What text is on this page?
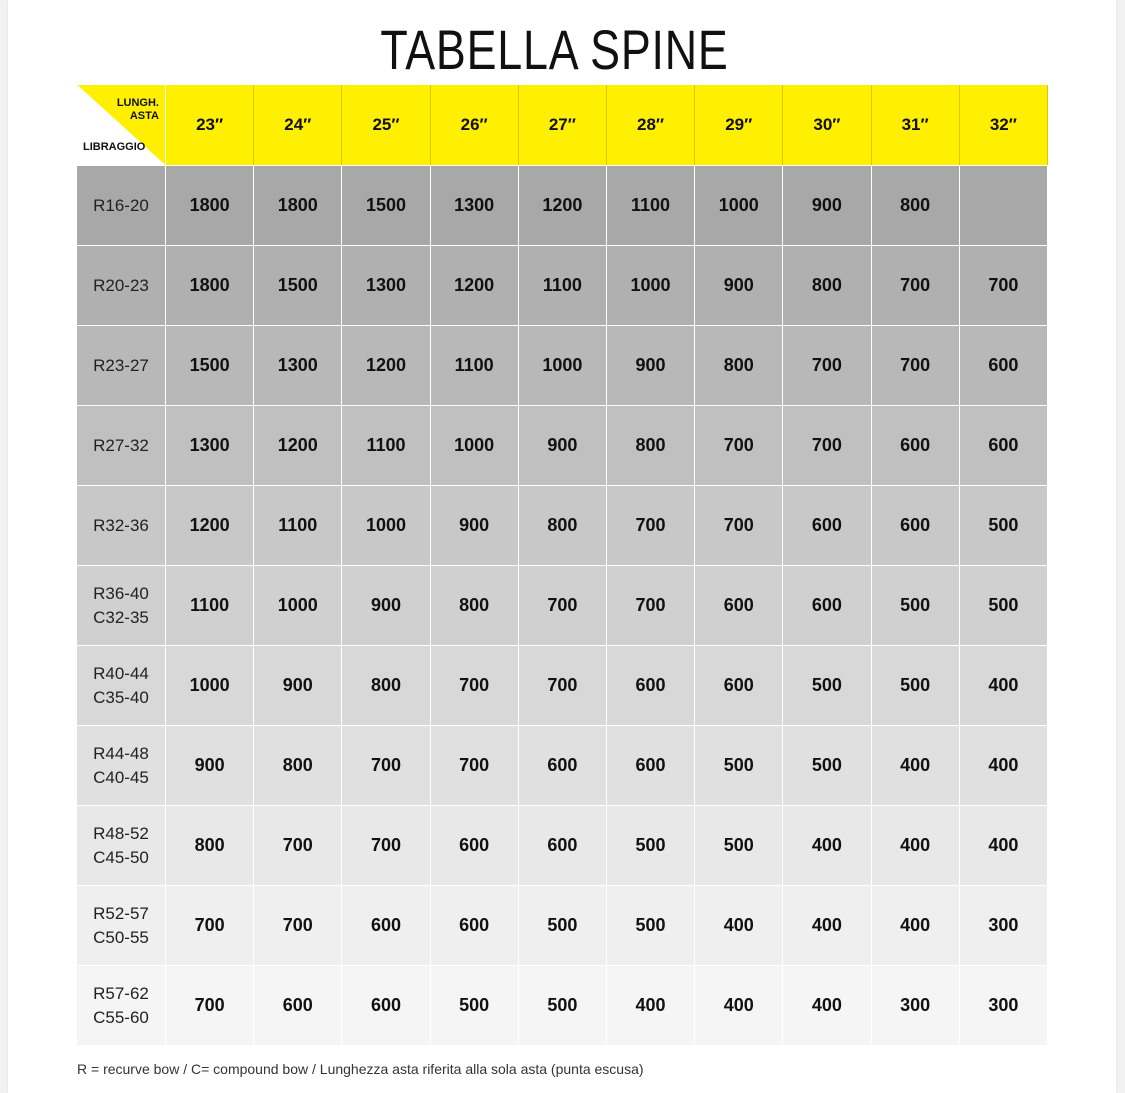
TABELLA SPINE
LUNGH.
ASTA
LIBRAGGIO	23″	24″	25″	26″	27″	28″	29″	30″	31″	32″

R16-20	1800	1800	1500	1300	1200	1100	1000	900	800	

R20-23	1800	1500	1300	1200	1100	1000	900	800	700	700

R23-27	1500	1300	1200	1100	1000	900	800	700	700	600

R27-32	1300	1200	1100	1000	900	800	700	700	600	600

R32-36	1200	1100	1000	900	800	700	700	600	600	500

R36-40
C32-35	1100	1000	900	800	700	700	600	600	500	500

R40-44
C35-40	1000	900	800	700	700	600	600	500	500	400

R44-48
C40-45	900	800	700	700	600	600	500	500	400	400

R48-52
C45-50	800	700	700	600	600	500	500	400	400	400

R52-57
C50-55	700	700	600	600	500	500	400	400	400	300

R57-62
C55-60	700	600	600	500	500	400	400	400	300	300
R = recurve bow / C= compound bow / Lunghezza asta riferita alla sola asta (punta escusa)
